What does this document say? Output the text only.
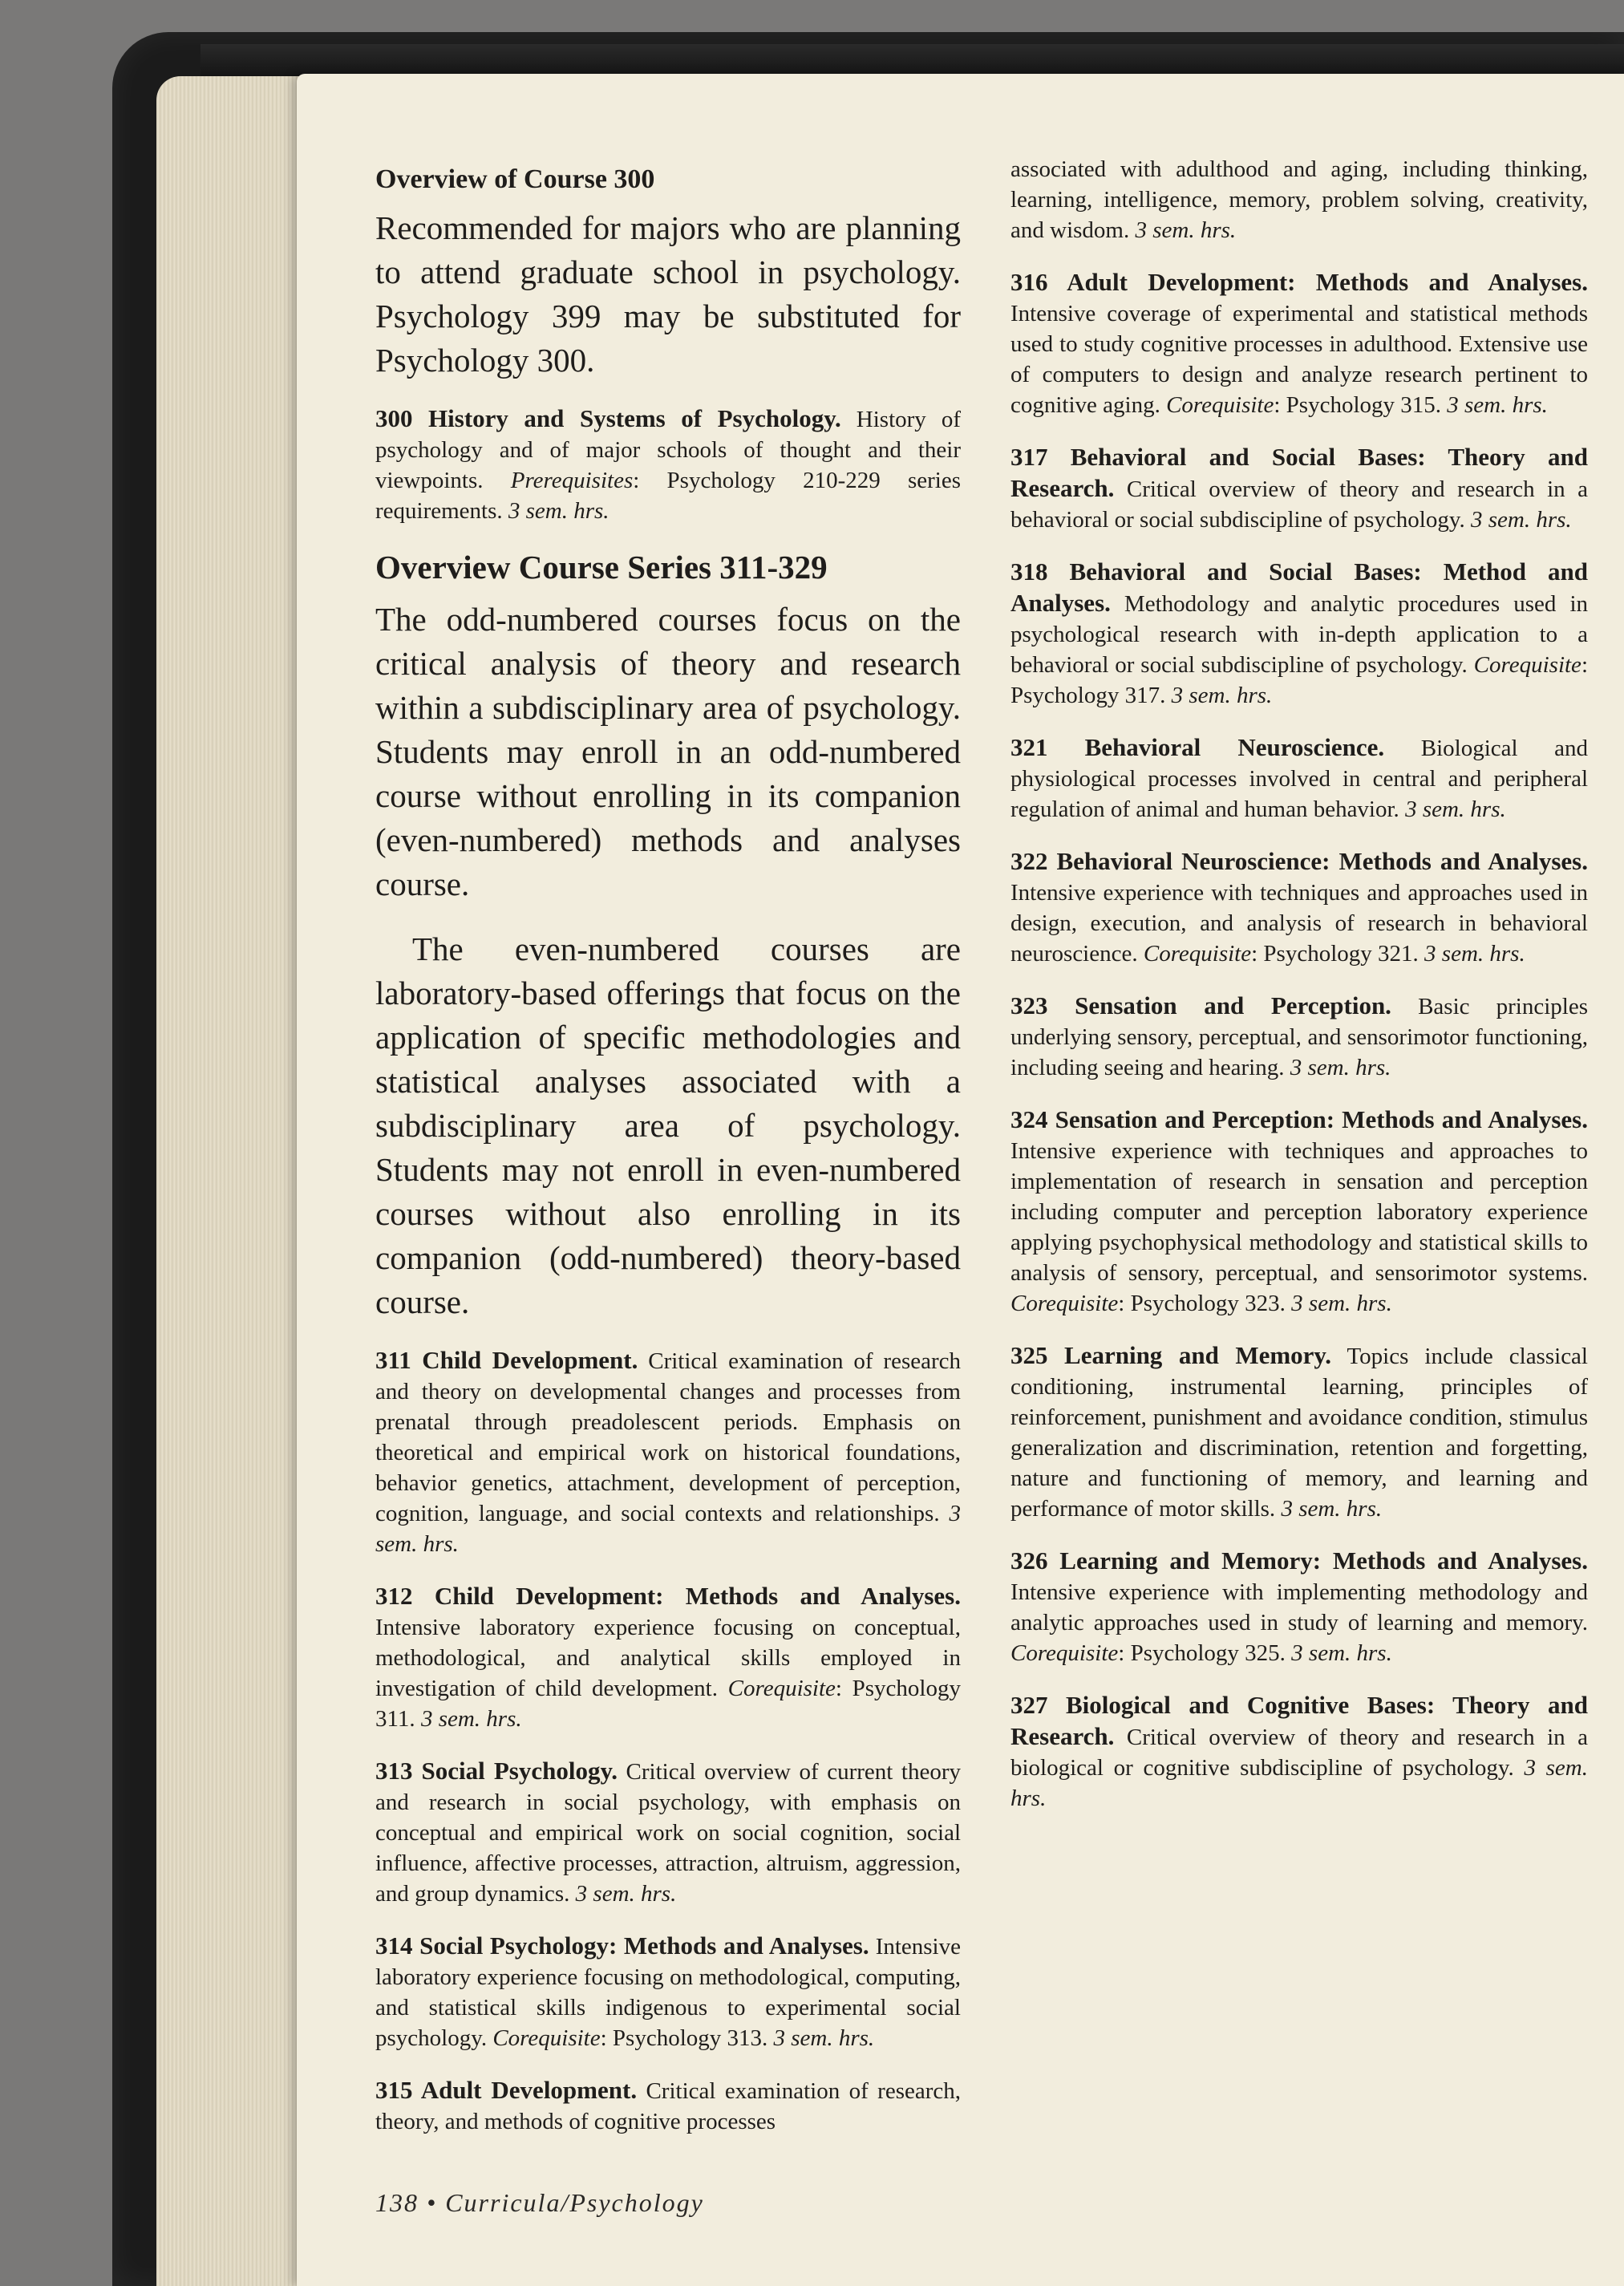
Overview of Course 300

Recommended for majors who are planning to attend graduate school in psychology. Psychology 399 may be substituted for Psychology 300.

300 History and Systems of Psychology. History of psychology and of major schools of thought and their viewpoints. Prerequisites: Psychology 210-229 series requirements. 3 sem. hrs.

Overview Course Series 311-329

The odd-numbered courses focus on the critical analysis of theory and research within a subdisciplinary area of psychology. Students may enroll in an odd-numbered course without enrolling in its companion (even-numbered) methods and analyses course.

The even-numbered courses are laboratory-based offerings that focus on the application of specific methodologies and statistical analyses associated with a subdisciplinary area of psychology. Students may not enroll in even-numbered courses without also enrolling in its companion (odd-numbered) theory-based course.

311 Child Development. Critical examination of research and theory on developmental changes and processes from prenatal through preadolescent periods. Emphasis on theoretical and empirical work on historical foundations, behavior genetics, attachment, development of perception, cognition, language, and social contexts and relationships. 3 sem. hrs.

312 Child Development: Methods and Analyses. Intensive laboratory experience focusing on conceptual, methodological, and analytical skills employed in investigation of child development. Corequisite: Psychology 311. 3 sem. hrs.

313 Social Psychology. Critical overview of current theory and research in social psychology, with emphasis on conceptual and empirical work on social cognition, social influence, affective processes, attraction, altruism, aggression, and group dynamics. 3 sem. hrs.

314 Social Psychology: Methods and Analyses. Intensive laboratory experience focusing on methodological, computing, and statistical skills indigenous to experimental social psychology. Corequisite: Psychology 313. 3 sem. hrs.

315 Adult Development. Critical examination of research, theory, and methods of cognitive processes

associated with adulthood and aging, including thinking, learning, intelligence, memory, problem solving, creativity, and wisdom. 3 sem. hrs.

316 Adult Development: Methods and Analyses. Intensive coverage of experimental and statistical methods used to study cognitive processes in adulthood. Extensive use of computers to design and analyze research pertinent to cognitive aging. Corequisite: Psychology 315. 3 sem. hrs.

317 Behavioral and Social Bases: Theory and Research. Critical overview of theory and research in a behavioral or social subdiscipline of psychology. 3 sem. hrs.

318 Behavioral and Social Bases: Method and Analyses. Methodology and analytic procedures used in psychological research with in-depth application to a behavioral or social subdiscipline of psychology. Corequisite: Psychology 317. 3 sem. hrs.

321 Behavioral Neuroscience. Biological and physiological processes involved in central and peripheral regulation of animal and human behavior. 3 sem. hrs.

322 Behavioral Neuroscience: Methods and Analyses. Intensive experience with techniques and approaches used in design, execution, and analysis of research in behavioral neuroscience. Corequisite: Psychology 321. 3 sem. hrs.

323 Sensation and Perception. Basic principles underlying sensory, perceptual, and sensorimotor functioning, including seeing and hearing. 3 sem. hrs.

324 Sensation and Perception: Methods and Analyses. Intensive experience with techniques and approaches to implementation of research in sensation and perception including computer and perception laboratory experience applying psychophysical methodology and statistical skills to analysis of sensory, perceptual, and sensorimotor systems. Corequisite: Psychology 323. 3 sem. hrs.

325 Learning and Memory. Topics include classical conditioning, instrumental learning, principles of reinforcement, punishment and avoidance condition, stimulus generalization and discrimination, retention and forgetting, nature and functioning of memory, and learning and performance of motor skills. 3 sem. hrs.

326 Learning and Memory: Methods and Analyses. Intensive experience with implementing methodology and analytic approaches used in study of learning and memory. Corequisite: Psychology 325. 3 sem. hrs.

327 Biological and Cognitive Bases: Theory and Research. Critical overview of theory and research in a biological or cognitive subdiscipline of psychology. 3 sem. hrs.

138 • Curricula/Psychology
